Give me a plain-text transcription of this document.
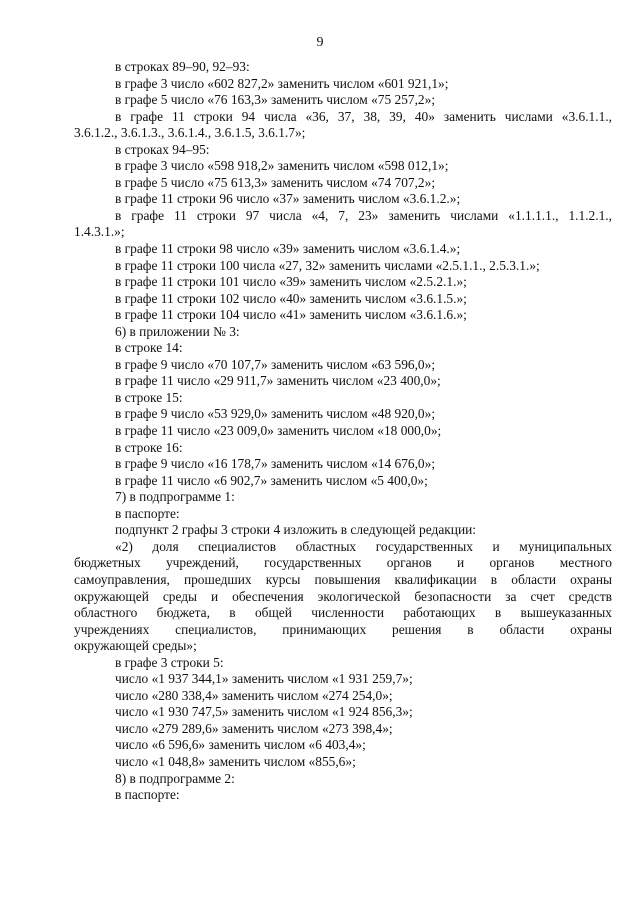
9
в строках 89–90, 92–93:
в графе 3 число «602 827,2» заменить числом «601 921,1»;
в графе 5 число «76 163,3» заменить числом «75 257,2»;
в графе 11 строки 94 числа «36, 37, 38, 39, 40» заменить числами «3.6.1.1.,
3.6.1.2., 3.6.1.3., 3.6.1.4., 3.6.1.5, 3.6.1.7»;
в строках 94–95:
в графе 3 число «598 918,2» заменить числом «598 012,1»;
в графе 5 число «75 613,3» заменить числом «74 707,2»;
в графе 11 строки 96 число «37» заменить числом «3.6.1.2.»;
в графе 11 строки 97 числа «4, 7, 23» заменить числами «1.1.1.1., 1.1.2.1.,
1.4.3.1.»;
в графе 11 строки 98 число «39» заменить числом «3.6.1.4.»;
в графе 11 строки 100 числа «27, 32» заменить числами «2.5.1.1., 2.5.3.1.»;
в графе 11 строки 101 число «39» заменить числом «2.5.2.1.»;
в графе 11 строки 102 число «40» заменить числом «3.6.1.5.»;
в графе 11 строки 104 число «41» заменить числом «3.6.1.6.»;
6) в приложении № 3:
в строке 14:
в графе 9 число «70 107,7» заменить числом «63 596,0»;
в графе 11 число «29 911,7» заменить числом «23 400,0»;
в строке 15:
в графе 9 число «53 929,0» заменить числом «48 920,0»;
в графе 11 число «23 009,0» заменить числом «18 000,0»;
в строке 16:
в графе 9 число «16 178,7» заменить числом «14 676,0»;
в графе 11 число «6 902,7» заменить числом «5 400,0»;
7) в подпрограмме 1:
в паспорте:
подпункт 2 графы 3 строки 4 изложить в следующей редакции:
«2) доля специалистов областных государственных и муниципальных
бюджетных учреждений, государственных органов и органов местного
самоуправления, прошедших курсы повышения квалификации в области охраны
окружающей среды и обеспечения экологической безопасности за счет средств
областного бюджета, в общей численности работающих в вышеуказанных
учреждениях специалистов, принимающих решения в области охраны
окружающей среды»;
в графе 3 строки 5:
число «1 937 344,1» заменить числом «1 931 259,7»;
число «280 338,4» заменить числом «274 254,0»;
число «1 930 747,5» заменить числом «1 924 856,3»;
число «279 289,6» заменить числом «273 398,4»;
число «6 596,6» заменить числом «6 403,4»;
число «1 048,8» заменить числом «855,6»;
8) в подпрограмме 2:
в паспорте:
